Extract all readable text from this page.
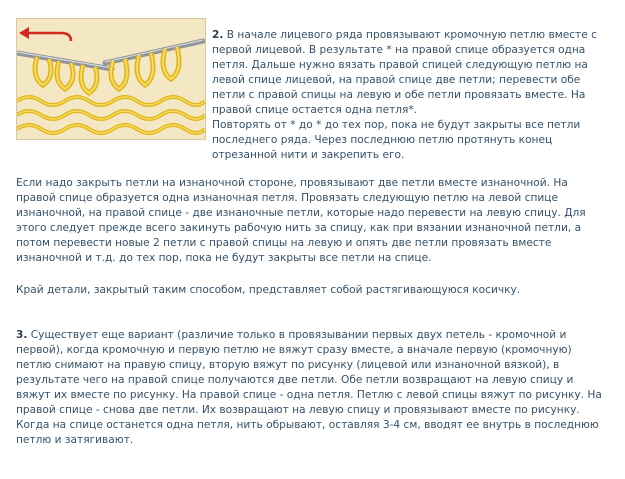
2. В начале лицевого ряда провязывают кромочную петлю вместе с

первой лицевой. В результате * на правой спице образуется одна

петля. Дальше нужно вязать правой спицей следующую петлю на

левой спице лицевой, на правой спице две петли; перевести обе

петли с правой спицы на левую и обе петли провязать вместе. На

правой спице остается одна петля*.

Повторять от * до * до тех пор, пока не будут закрыты все петли

последнего ряда. Через последнюю петлю протянуть конец

отрезанной нити и закрепить его.

Если надо закрыть петли на изнаночной стороне, провязывают две петли вместе изнаночной. На

правой спице образуется одна изнаночная петля. Провязать следующую петлю на левой спице

изнаночной, на правой спице - две изнаночные петли, которые надо перевести на левую спицу. Для

этого следует прежде всего закинуть рабочую нить за спицу, как при вязании изнаночной петли, а

потом перевести новые 2 петли с правой спицы на левую и опять две петли провязать вместе

изнаночной и т.д. до тех пор, пока не будут закрыты все петли на спице.

Край детали, закрытый таким способом, представляет собой растягивающуюся косичку.

3. Существует еще вариант (различие только в провязывании первых двух петель - кромочной и

первой), когда кромочную и первую петлю не вяжут сразу вместе, а вначале первую (кромочную)

петлю снимают на правую спицу, вторую вяжут по рисунку (лицевой или изнаночной вязкой), в

результате чего на правой спице получаются две петли. Обе петли возвращают на левую спицу и

вяжут их вместе по рисунку. На правой спице - одна петля. Петлю с левой спицы вяжут по рисунку. На

правой спице - снова две петли. Их возвращают на левую спицу и провязывают вместе по рисунку.

Когда на спице останется одна петля, нить обрывают, оставляя 3-4 см, вводят ее внутрь в последнюю

петлю и затягивают.
